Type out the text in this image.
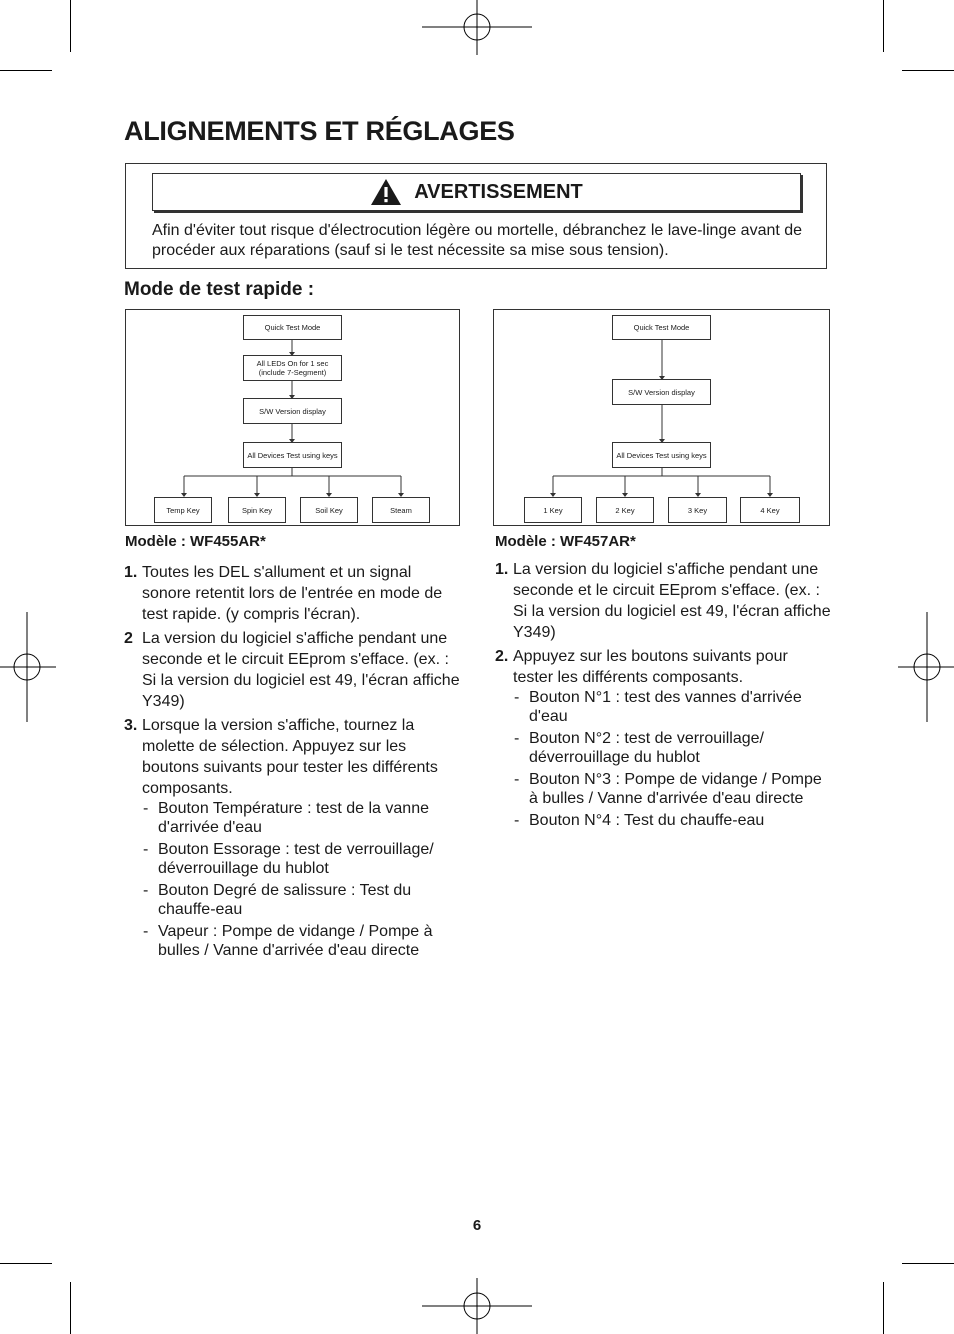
ALIGNEMENTS ET RÉGLAGES
AVERTISSEMENT
Afin d'éviter tout risque d'électrocution légère ou mortelle, débranchez le lave-linge avant de procéder aux réparations (sauf si le test nécessite sa mise sous tension).
Mode de test rapide :
Quick Test Mode
All LEDs On for 1 sec (include 7-Segment)
S/W Version display
All Devices Test using keys
Temp Key	Spin Key	Soil Key	Steam
Quick Test Mode
S/W Version display
All Devices Test using keys
1 Key	2 Key	3 Key	4 Key
Modèle : WF455AR*
1. Toutes les DEL s'allument et un signal sonore retentit lors de l'entrée en mode de test rapide. (y compris l'écran).
2 La version du logiciel s'affiche pendant une seconde et le circuit EEprom s'efface. (ex. : Si la version du logiciel est 49, l'écran affiche Y349)
3. Lorsque la version s'affiche, tournez la molette de sélection. Appuyez sur les boutons suivants pour tester les différents composants.
- Bouton Température : test de la vanne d'arrivée d'eau
- Bouton Essorage : test de verrouillage/ déverrouillage du hublot
- Bouton Degré de salissure : Test du chauffe-eau
- Vapeur : Pompe de vidange / Pompe à bulles / Vanne d'arrivée d'eau directe
Modèle : WF457AR*
1. La version du logiciel s'affiche pendant une seconde et le circuit EEprom s'efface. (ex. : Si la version du logiciel est 49, l'écran affiche Y349)
2. Appuyez sur les boutons suivants pour tester les différents composants.
- Bouton N°1 : test des vannes d'arrivée d'eau
- Bouton N°2 : test de verrouillage/ déverrouillage du hublot
- Bouton N°3 : Pompe de vidange / Pompe à bulles / Vanne d'arrivée d'eau directe
- Bouton N°4 : Test du chauffe-eau
6
